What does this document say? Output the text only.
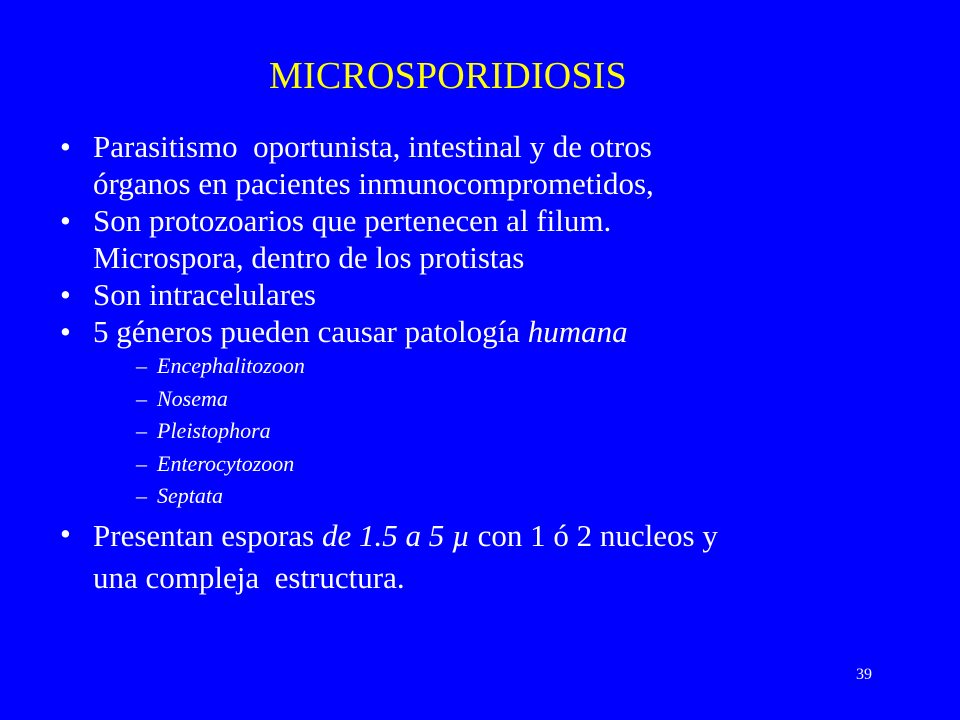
MICROSPORIDIOSIS
• Parasitismo  oportunista, intestinal y de otros
órganos en pacientes inmunocomprometidos,
• Son protozoarios que pertenecen al filum.
Microspora, dentro de los protistas
• Son intracelulares
• 5 géneros pueden causar patología humana
– Encephalitozoon
– Nosema
– Pleistophora
– Enterocytozoon
– Septata
• Presentan esporas de 1.5 a 5 µ con 1 ó 2 nucleos y
una compleja  estructura.
39
